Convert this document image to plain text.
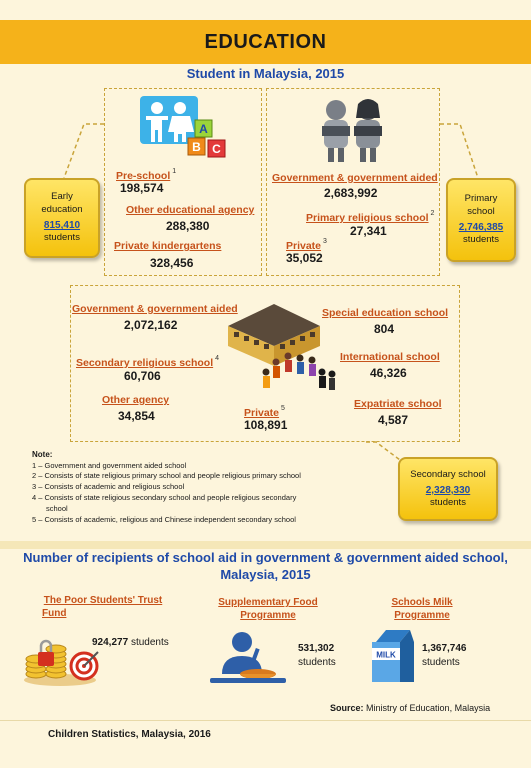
EDUCATION
Student in Malaysia, 2015
A
B C
Pre-school $^1$
198,574
Other educational agency
288,380
Private kindergartens
328,456
Government & government aided
2,683,992
Primary religious school $^2$
27,341
Private $^3$
35,052
Early education
815,410
students
Primary school
2,746,385
students
Government & government aided
2,072,162
Secondary religious school $^4$
60,706
Other agency
34,854	Private $^5$
108,891
Special education school
804
International school
46,326
Expatriate school
4,587
Note:
1 – Government and government aided school
2 – Consists of state religious primary school and people religious primary school
3 – Consists of academic and religious school
4 – Consists of state religious secondary school and people religious secondary
school
5 – Consists of academic, religious and Chinese independent secondary school
Secondary school
2,328,330
students
Number of recipients of school aid in government & government aided school,
Malaysia, 2015
The Poor Students' Trust
Fund
924,277 students
Supplementary Food
Programme
531,302
students
Schools Milk
Programme
MILK
1,367,746
students
Source: Ministry of Education, Malaysia
Children Statistics, Malaysia, 2016
